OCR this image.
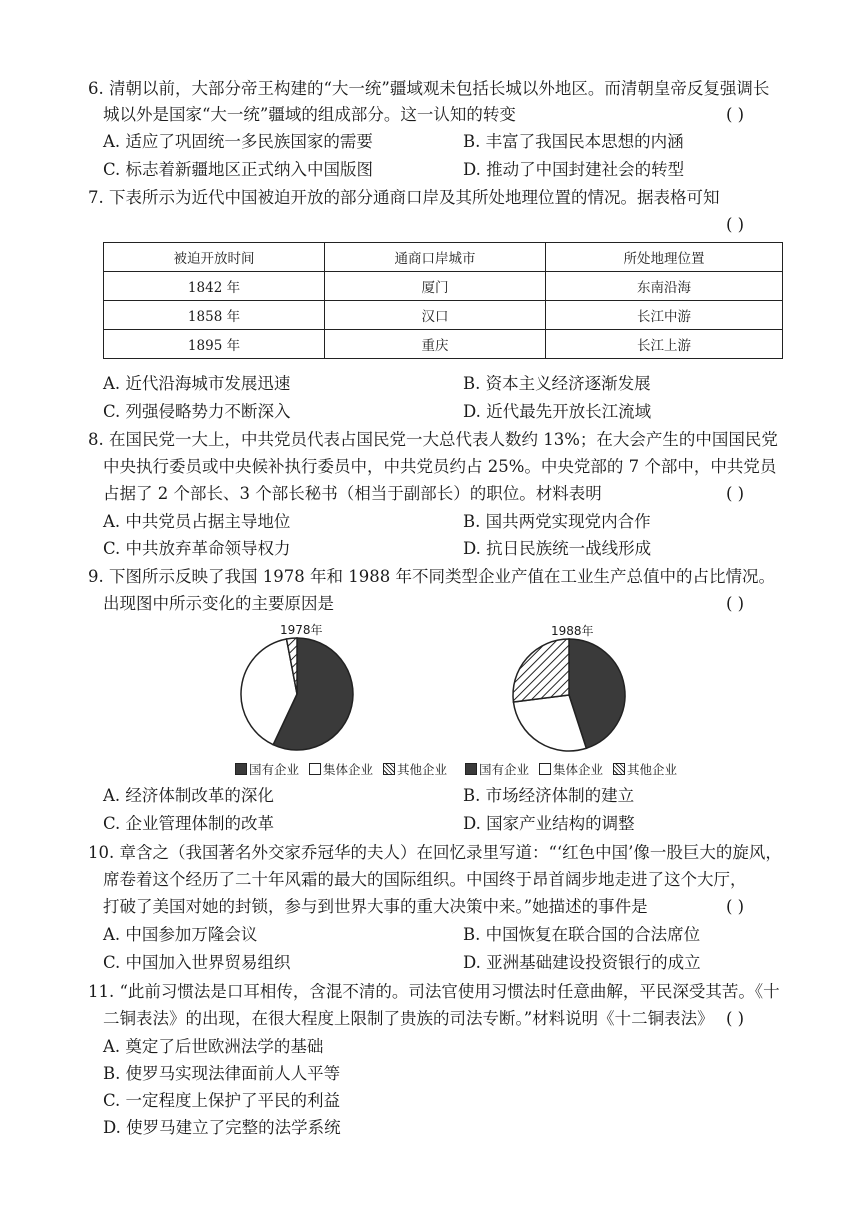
6. 清朝以前，大部分帝王构建的“大一统”疆域观未包括长城以外地区。而清朝皇帝反复强调长
城以外是国家“大一统”疆域的组成部分。这一认知的转变	( )
A. 适应了巩固统一多民族国家的需要	B. 丰富了我国民本思想的内涵
C. 标志着新疆地区正式纳入中国版图	D. 推动了中国封建社会的转型
7. 下表所示为近代中国被迫开放的部分通商口岸及其所处地理位置的情况。据表格可知
( )
被迫开放时间	通商口岸城市	所处地理位置
1842 年	厦门	东南沿海
1858 年	汉口	长江中游
1895 年	重庆	长江上游
A. 近代沿海城市发展迅速	B. 资本主义经济逐渐发展
C. 列强侵略势力不断深入	D. 近代最先开放长江流域
8. 在国民党一大上，中共党员代表占国民党一大总代表人数约 13%；在大会产生的中国国民党
中央执行委员或中央候补执行委员中，中共党员约占 25%。中央党部的 7 个部中，中共党员
占据了 2 个部长、3 个部长秘书（相当于副部长）的职位。材料表明	( )
A. 中共党员占据主导地位	B. 国共两党实现党内合作
C. 中共放弃革命领导权力	D. 抗日民族统一战线形成
9. 下图所示反映了我国 1978 年和 1988 年不同类型企业产值在工业生产总值中的占比情况。
出现图中所示变化的主要原因是	( )
1978年	1988年
国有企业 集体企业 其他企业	国有企业 集体企业 其他企业
A. 经济体制改革的深化	B. 市场经济体制的建立
C. 企业管理体制的改革	D. 国家产业结构的调整
10. 章含之（我国著名外交家乔冠华的夫人）在回忆录里写道：“‘红色中国’像一股巨大的旋风，
席卷着这个经历了二十年风霜的最大的国际组织。中国终于昂首阔步地走进了这个大厅，
打破了美国对她的封锁，参与到世界大事的重大决策中来。”她描述的事件是	( )
A. 中国参加万隆会议	B. 中国恢复在联合国的合法席位
C. 中国加入世界贸易组织	D. 亚洲基础建设投资银行的成立
11. “此前习惯法是口耳相传，含混不清的。司法官使用习惯法时任意曲解，平民深受其苦。《十
二铜表法》的出现，在很大程度上限制了贵族的司法专断。”材料说明《十二铜表法》 ( )
A. 奠定了后世欧洲法学的基础
B. 使罗马实现法律面前人人平等
C. 一定程度上保护了平民的利益
D. 使罗马建立了完整的法学系统
